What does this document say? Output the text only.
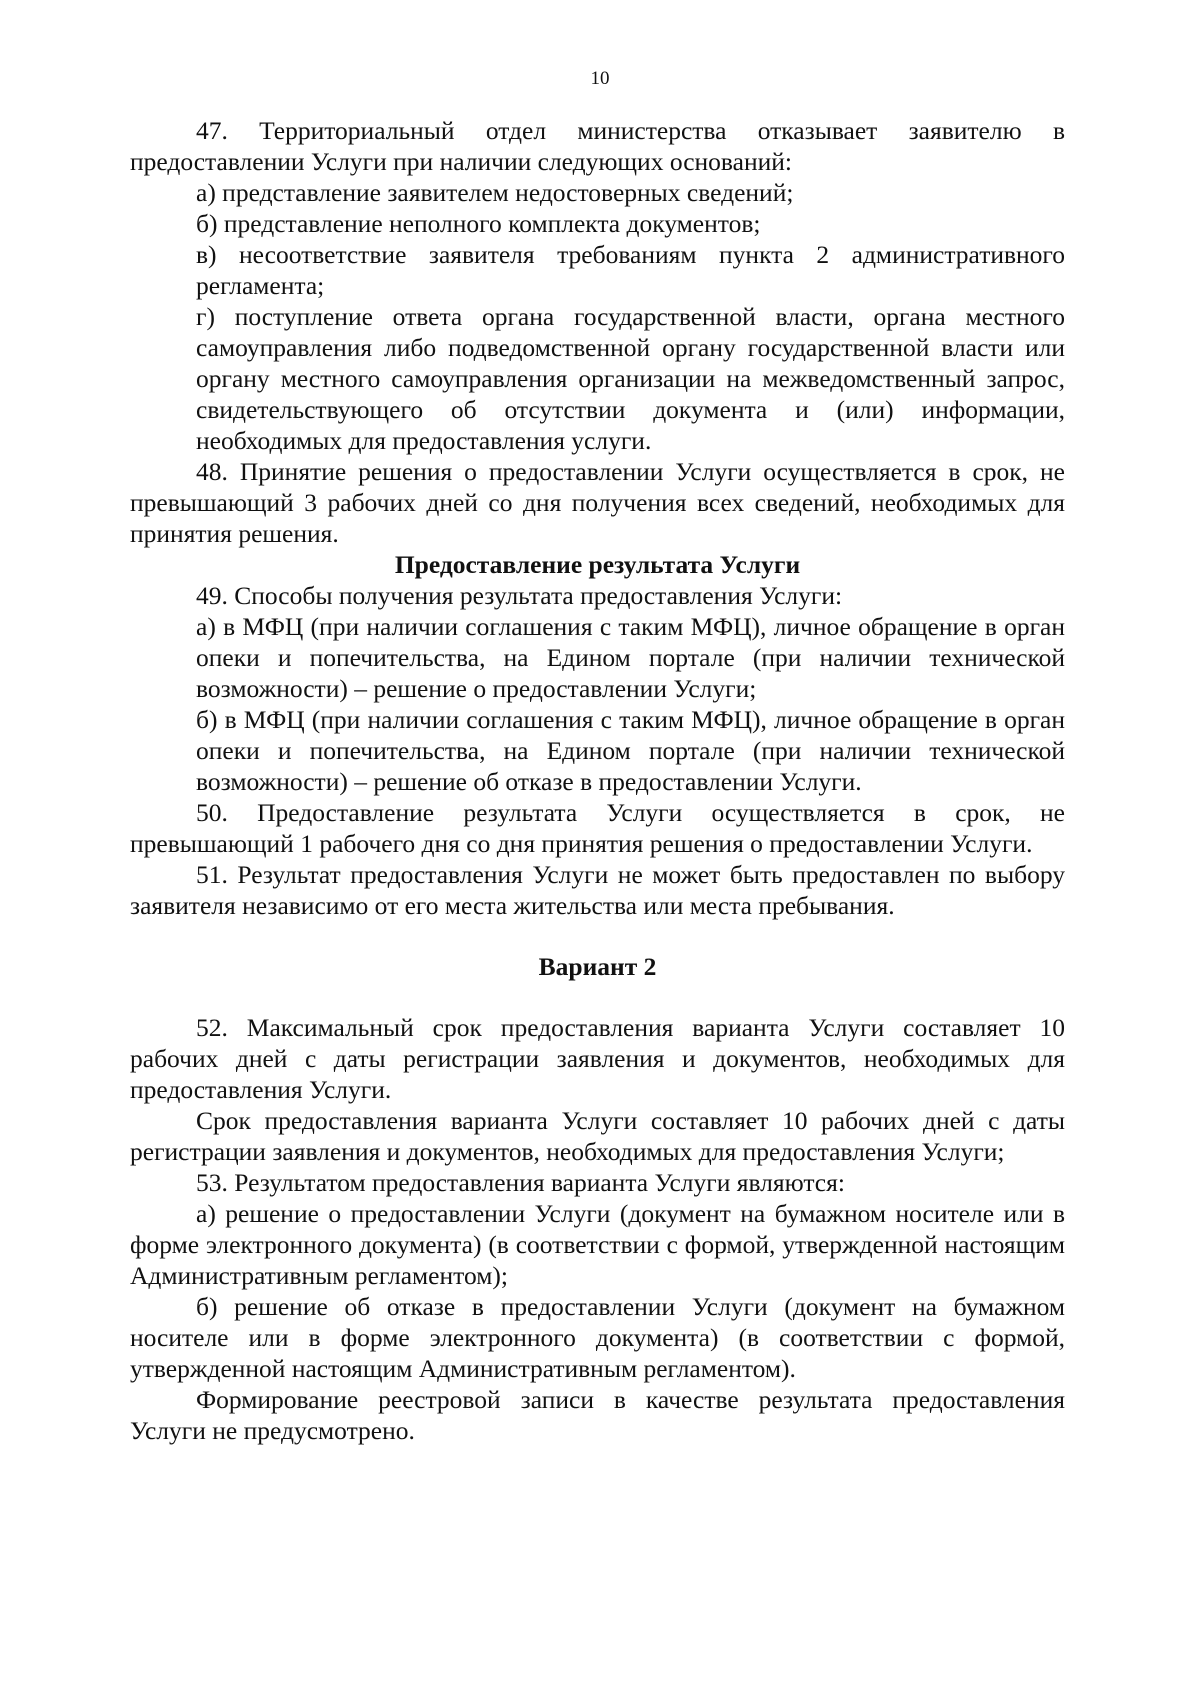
10

47. Территориальный отдел министерства отказывает заявителю в предоставлении Услуги при наличии следующих оснований:

а) представление заявителем недостоверных сведений;

б) представление неполного комплекта документов;

в) несоответствие заявителя требованиям пункта 2 административного регламента;

г) поступление ответа органа государственной власти, органа местного самоуправления либо подведомственной органу государственной власти или органу местного самоуправления организации на межведомственный запрос, свидетельствующего об отсутствии документа и (или) информации, необходимых для предоставления услуги.

48. Принятие решения о предоставлении Услуги осуществляется в срок, не превышающий 3 рабочих дней со дня получения всех сведений, необходимых для принятия решения.

Предоставление результата Услуги

49. Способы получения результата предоставления Услуги:

а) в МФЦ (при наличии соглашения с таким МФЦ), личное обращение в орган опеки и попечительства, на Едином портале (при наличии технической возможности) – решение о предоставлении Услуги;

б) в МФЦ (при наличии соглашения с таким МФЦ), личное обращение в орган опеки и попечительства, на Едином портале (при наличии технической возможности) – решение об отказе в предоставлении Услуги.

50. Предоставление результата Услуги осуществляется в срок, не превышающий 1 рабочего дня со дня принятия решения о предоставлении Услуги.

51. Результат предоставления Услуги не может быть предоставлен по выбору заявителя независимо от его места жительства или места пребывания.

Вариант 2

52. Максимальный срок предоставления варианта Услуги составляет 10 рабочих дней с даты регистрации заявления и документов, необходимых для предоставления Услуги.

Срок предоставления варианта Услуги составляет 10 рабочих дней с даты регистрации заявления и документов, необходимых для предоставления Услуги;

53. Результатом предоставления варианта Услуги являются:

а) решение о предоставлении Услуги (документ на бумажном носителе или в форме электронного документа) (в соответствии с формой, утвержденной настоящим Административным регламентом);

б) решение об отказе в предоставлении Услуги (документ на бумажном носителе или в форме электронного документа) (в соответствии с формой, утвержденной настоящим Административным регламентом).

Формирование реестровой записи в качестве результата предоставления Услуги не предусмотрено.
